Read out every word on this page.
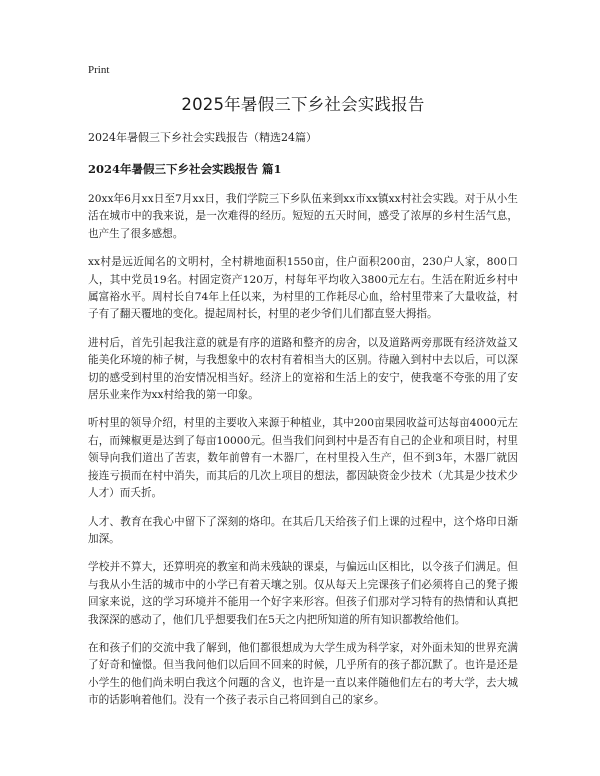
Print
2025年暑假三下乡社会实践报告
2024年暑假三下乡社会实践报告（精选24篇）
2024年暑假三下乡社会实践报告 篇1

20xx年6月xx日至7月xx日，我们学院三下乡队伍来到xx市xx镇xx村社会实践。对于从小生活在城市中的我来说，是一次难得的经历。短短的五天时间，感受了浓厚的乡村生活气息，也产生了很多感想。

xx村是远近闻名的文明村，全村耕地面积1550亩，住户面积200亩，230户人家，800口人，其中党员19名。村固定资产120万，村每年平均收入3800元左右。生活在附近乡村中属富裕水平。周村长自74年上任以来，为村里的工作耗尽心血，给村里带来了大量收益，村子有了翻天覆地的变化。提起周村长，村里的老少爷们儿们都直竖大拇指。

进村后，首先引起我注意的就是有序的道路和整齐的房舍，以及道路两旁那既有经济效益又能美化环境的柿子树，与我想象中的农村有着相当大的区别。待融入到村中去以后，可以深切的感受到村里的治安情况相当好。经济上的宽裕和生活上的安宁，使我毫不夸张的用了安居乐业来作为xx村给我的第一印象。

听村里的领导介绍，村里的主要收入来源于种植业，其中200亩果园收益可达每亩4000元左右，而辣椒更是达到了每亩10000元。但当我们问到村中是否有自己的企业和项目时，村里领导向我们道出了苦衷，数年前曾有一木器厂，在村里投入生产，但不到3年，木器厂就因接连亏损而在村中消失，而其后的几次上项目的想法，都因缺资金少技术（尤其是少技术少人才）而夭折。

人才、教育在我心中留下了深刻的烙印。在其后几天给孩子们上课的过程中，这个烙印日渐加深。

学校并不算大，还算明亮的教室和尚未残缺的课桌，与偏远山区相比，以令孩子们满足。但与我从小生活的城市中的小学已有着天壤之别。仅从每天上完课孩子们必须将自己的凳子搬回家来说，这的学习环境并不能用一个好字来形容。但孩子们那对学习特有的热情和认真把我深深的感动了，他们几乎想要我们在5天之内把所知道的所有知识都教给他们。

在和孩子们的交流中我了解到，他们都很想成为大学生成为科学家，对外面未知的世界充满了好奇和憧憬。但当我问他们以后回不回来的时候，几乎所有的孩子都沉默了。也许是还是小学生的他们尚未明白我这个问题的含义，也许是一直以来伴随他们左右的考大学，去大城市的话影响着他们。没有一个孩子表示自己将回到自己的家乡。
